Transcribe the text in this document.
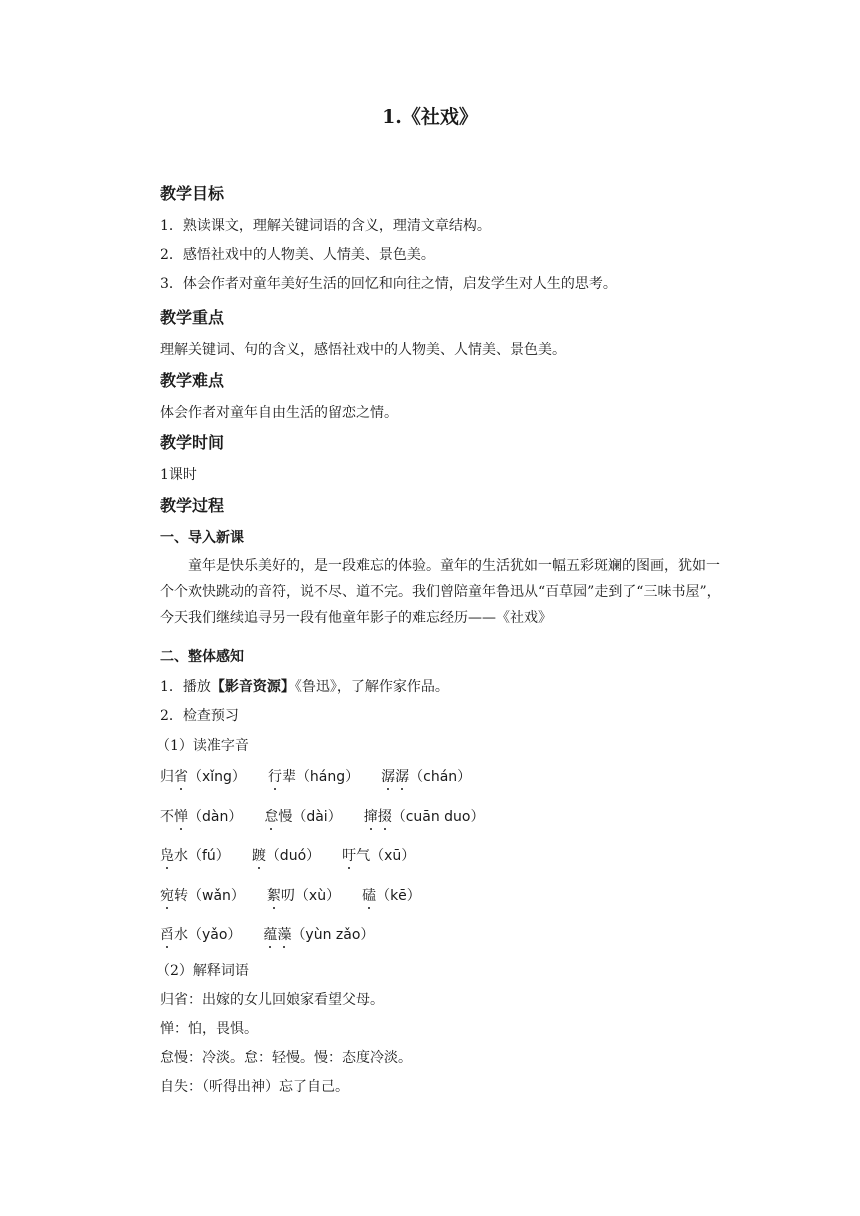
1.《社戏》
教学目标
1．熟读课文，理解关键词语的含义，理清文章结构。
2．感悟社戏中的人物美、人情美、景色美。
3．体会作者对童年美好生活的回忆和向往之情，启发学生对人生的思考。
教学重点
理解关键词、句的含义，感悟社戏中的人物美、人情美、景色美。
教学难点
体会作者对童年自由生活的留恋之情。
教学时间
1课时
教学过程
一、导入新课
童年是快乐美好的，是一段难忘的体验。童年的生活犹如一幅五彩斑斓的图画，犹如一个个欢快跳动的音符，说不尽、道不完。我们曾陪童年鲁迅从“百草园”走到了“三味书屋”，今天我们继续追寻另一段有他童年影子的难忘经历——《社戏》
二、整体感知
1．播放【影音资源】《鲁迅》，了解作家作品。
2．检查预习
（1）读准字音
归省（xǐng） 行辈（háng） 潺潺（chán）
不惮（dàn） 怠慢（dài） 撺掇（cuān duo）
凫水（fú） 踱（duó） 吁气（xū）
宛转（wǎn） 絮叨（xù） 磕（kē）
舀水（yǎo） 蕴藻（yùn zǎo）
（2）解释词语
归省：出嫁的女儿回娘家看望父母。
惮：怕，畏惧。
怠慢：冷淡。怠：轻慢。慢：态度冷淡。
自失：（听得出神）忘了自己。
